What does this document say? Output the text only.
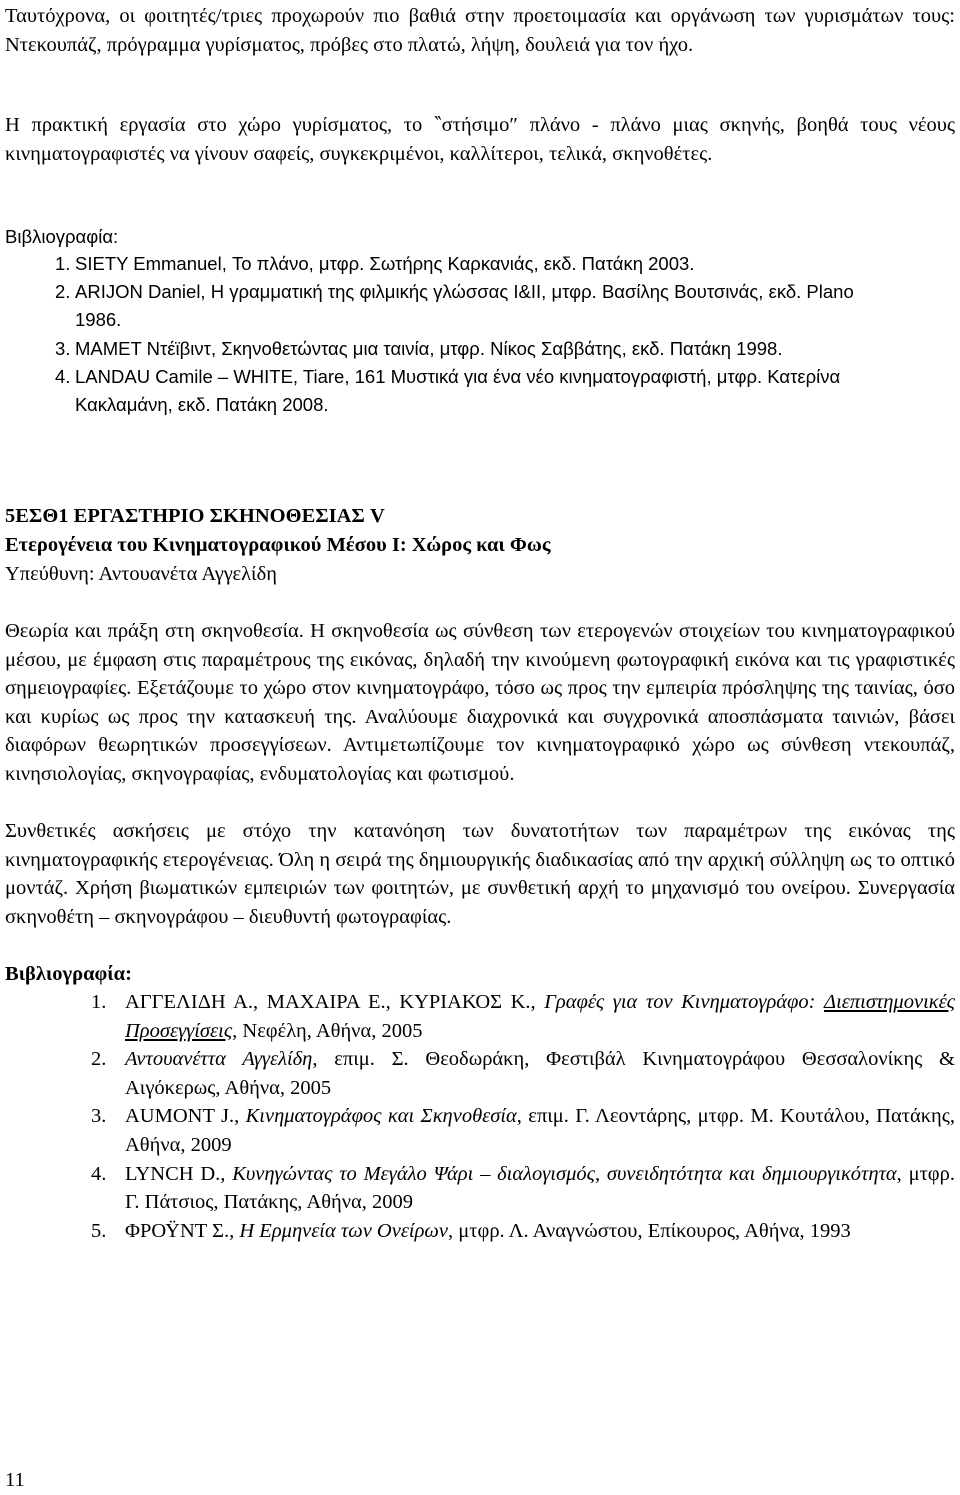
Ταυτόχρονα, οι φοιτητές/τριες προχωρούν πιο βαθιά στην προετοιμασία και οργάνωση των γυρισμάτων τους: Ντεκουπάζ, πρόγραμμα γυρίσματος, πρόβες στο πλατώ, λήψη, δουλειά για τον ήχο.

Η πρακτική εργασία στο χώρο γυρίσματος, το ‶στήσιμο″ πλάνο - πλάνο μιας σκηνής, βοηθά τους νέους κινηματογραφιστές να γίνουν σαφείς, συγκεκριμένοι, καλλίτεροι, τελικά, σκηνοθέτες.

Βιβλιογραφία:

1. SIETY Emmanuel, Το πλάνο, μτφρ. Σωτήρης Καρκανιάς, εκδ. Πατάκη 2003.
2. ARIJON Daniel, Η γραμματική της φιλμικής γλώσσας Ι&ΙΙ, μτφρ. Βασίλης Βουτσινάς, εκδ. Plano 1986.
3. MAMET Ντέϊβιντ, Σκηνοθετώντας μια ταινία, μτφρ. Νίκος Σαββάτης, εκδ. Πατάκη 1998.
4. LANDAU Camile – WHITE, Tiare, 161 Μυστικά για ένα νέο κινηματογραφιστή, μτφρ. Κατερίνα Κακλαμάνη, εκδ. Πατάκη 2008.

5ΕΣΘ1 ΕΡΓΑΣΤΗΡΙΟ ΣΚΗΝΟΘΕΣΙΑΣ V

Ετερογένεια του Κινηματογραφικού Μέσου Ι: Χώρος και Φως

Υπεύθυνη: Αντουανέτα Αγγελίδη

Θεωρία και πράξη στη σκηνοθεσία. Η σκηνοθεσία ως σύνθεση των ετερογενών στοιχείων του κινηματογραφικού μέσου, με έμφαση στις παραμέτρους της εικόνας, δηλαδή την κινούμενη φωτογραφική εικόνα και τις γραφιστικές σημειογραφίες. Εξετάζουμε το χώρο στον κινηματογράφο, τόσο ως προς την εμπειρία πρόσληψης της ταινίας, όσο και κυρίως ως προς την κατασκευή της. Αναλύουμε διαχρονικά και συγχρονικά αποσπάσματα ταινιών, βάσει διαφόρων θεωρητικών προσεγγίσεων. Αντιμετωπίζουμε τον κινηματογραφικό χώρο ως σύνθεση ντεκουπάζ, κινησιολογίας, σκηνογραφίας, ενδυματολογίας και φωτισμού.

Συνθετικές ασκήσεις με στόχο την κατανόηση των δυνατοτήτων των παραμέτρων της εικόνας της κινηματογραφικής ετερογένειας. Όλη η σειρά της δημιουργικής διαδικασίας από την αρχική σύλληψη ως το οπτικό μοντάζ. Χρήση βιωματικών εμπειριών των φοιτητών, με συνθετική αρχή το μηχανισμό του ονείρου. Συνεργασία σκηνοθέτη – σκηνογράφου – διευθυντή φωτογραφίας.

Βιβλιογραφία:

1. ΑΓΓΕΛΙΔΗ Α., ΜΑΧΑΙΡΑ Ε., ΚΥΡΙΑΚΟΣ Κ., Γραφές για τον Κινηματογράφο: Διεπιστημονικές Προσεγγίσεις, Νεφέλη, Αθήνα, 2005
2. Αντουανέττα Αγγελίδη, επιμ. Σ. Θεοδωράκη, Φεστιβάλ Κινηματογράφου Θεσσαλονίκης & Αιγόκερως, Αθήνα, 2005
3. AUMONT J., Κινηματογράφος και Σκηνοθεσία, επιμ. Γ. Λεοντάρης, μτφρ. Μ. Κουτάλου, Πατάκης, Αθήνα, 2009
4. LYNCH D., Κυνηγώντας το Μεγάλο Ψάρι – διαλογισμός, συνειδητότητα και δημιουργικότητα, μτφρ. Γ. Πάτσιος, Πατάκης, Αθήνα, 2009
5. ΦΡΟΫΝΤ Σ., Η Ερμηνεία των Ονείρων, μτφρ. Λ. Αναγνώστου, Επίκουρος, Αθήνα, 1993
11
